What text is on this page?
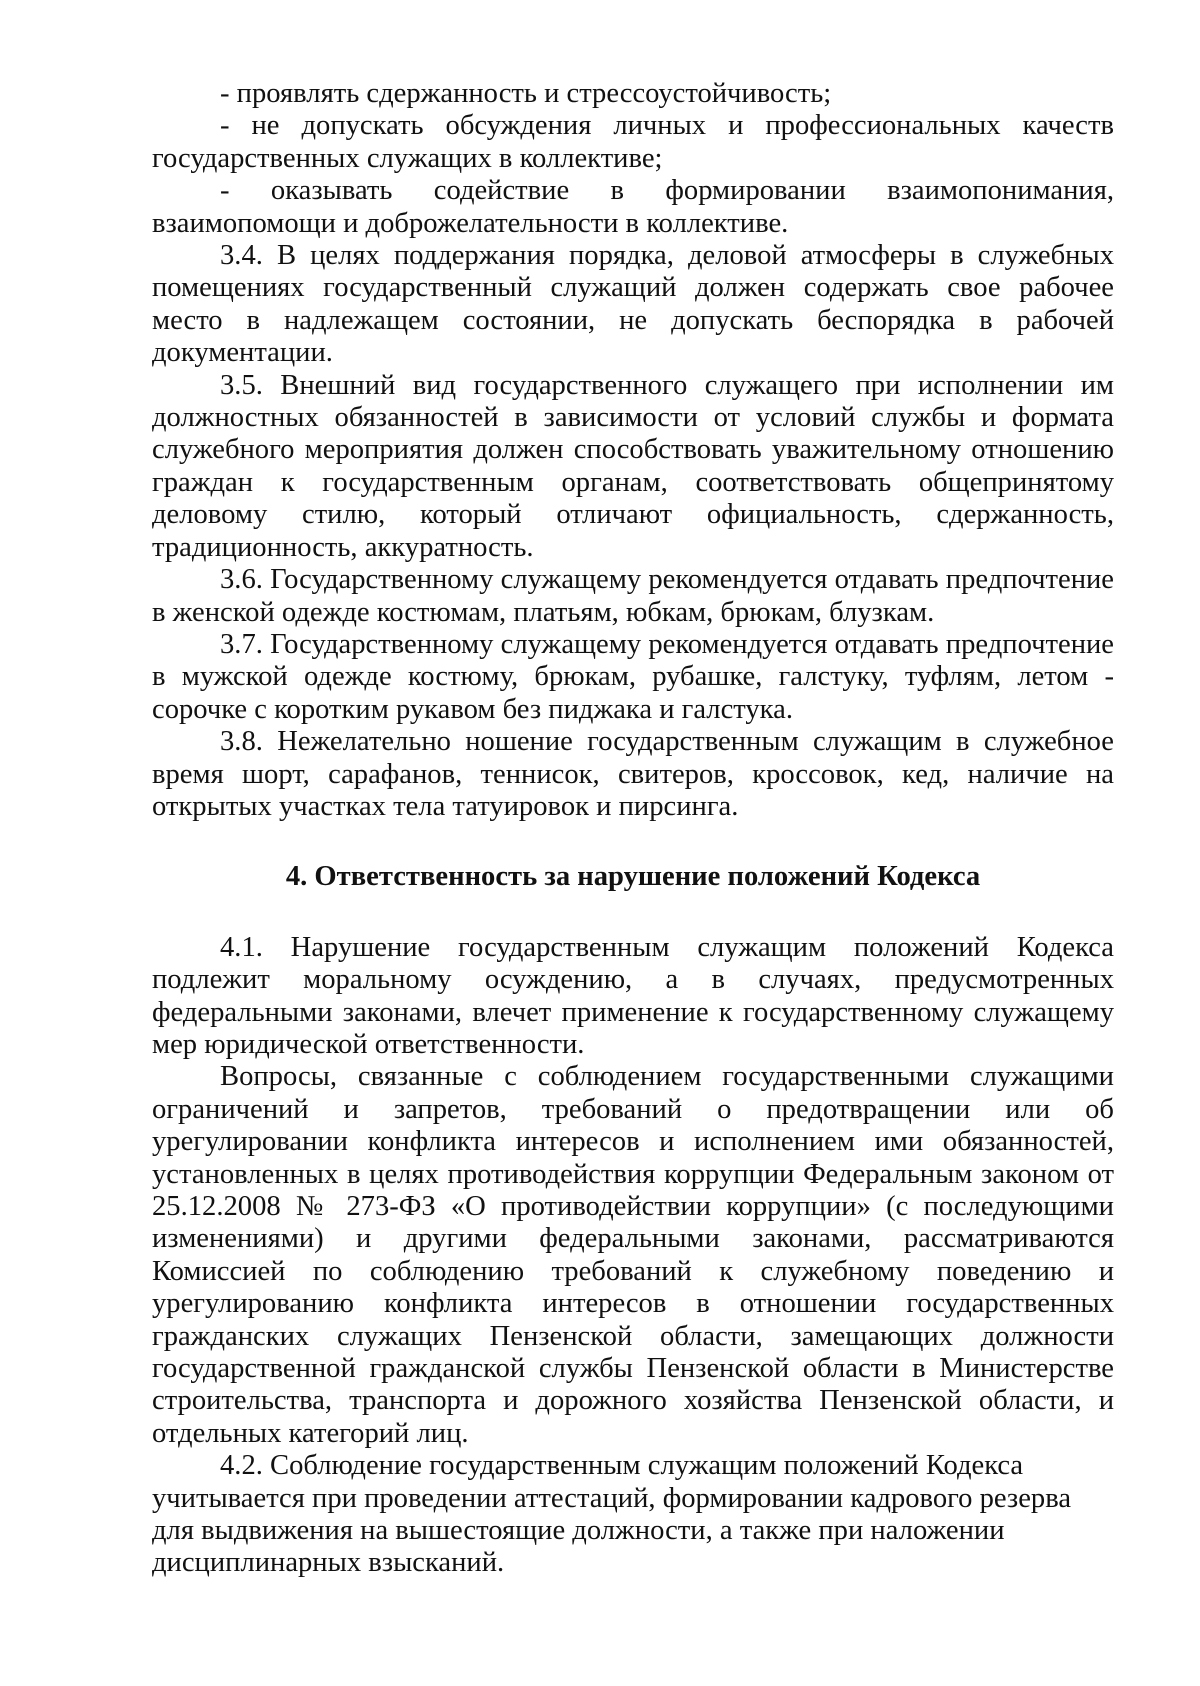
- проявлять сдержанность и стрессоустойчивость;

- не допускать обсуждения личных и профессиональных качеств государственных служащих в коллективе;

- оказывать содействие в формировании взаимопонимания, взаимопомощи и доброжелательности в коллективе.

3.4. В целях поддержания порядка, деловой атмосферы в служебных помещениях государственный служащий должен содержать свое рабочее место в надлежащем состоянии, не допускать беспорядка в рабочей документации.

3.5. Внешний вид государственного служащего при исполнении им должностных обязанностей в зависимости от условий службы и формата служебного мероприятия должен способствовать уважительному отношению граждан к государственным органам, соответствовать общепринятому деловому стилю, который отличают официальность, сдержанность, традиционность, аккуратность.

3.6. Государственному служащему рекомендуется отдавать предпочтение в женской одежде костюмам, платьям, юбкам, брюкам, блузкам.

3.7. Государственному служащему рекомендуется отдавать предпочтение в мужской одежде костюму, брюкам, рубашке, галстуку, туфлям, летом - сорочке с коротким рукавом без пиджака и галстука.

3.8. Нежелательно ношение государственным служащим в служебное время шорт, сарафанов, теннисок, свитеров, кроссовок, кед, наличие на открытых участках тела татуировок и пирсинга.

4. Ответственность за нарушение положений Кодекса

4.1. Нарушение государственным служащим положений Кодекса подлежит моральному осуждению, а в случаях, предусмотренных федеральными законами, влечет применение к государственному служащему мер юридической ответственности.

Вопросы, связанные с соблюдением государственными служащими ограничений и запретов, требований о предотвращении или об урегулировании конфликта интересов и исполнением ими обязанностей, установленных в целях противодействия коррупции Федеральным законом от 25.12.2008 № 273-ФЗ «О противодействии коррупции» (с последующими изменениями) и другими федеральными законами, рассматриваются Комиссией по соблюдению требований к служебному поведению и урегулированию конфликта интересов в отношении государственных гражданских служащих Пензенской области, замещающих должности государственной гражданской службы Пензенской области в Министерстве строительства, транспорта и дорожного хозяйства Пензенской области, и отдельных категорий лиц.

4.2. Соблюдение государственным служащим положений Кодекса учитывается при проведении аттестаций, формировании кадрового резерва для выдвижения на вышестоящие должности, а также при наложении дисциплинарных взысканий.
